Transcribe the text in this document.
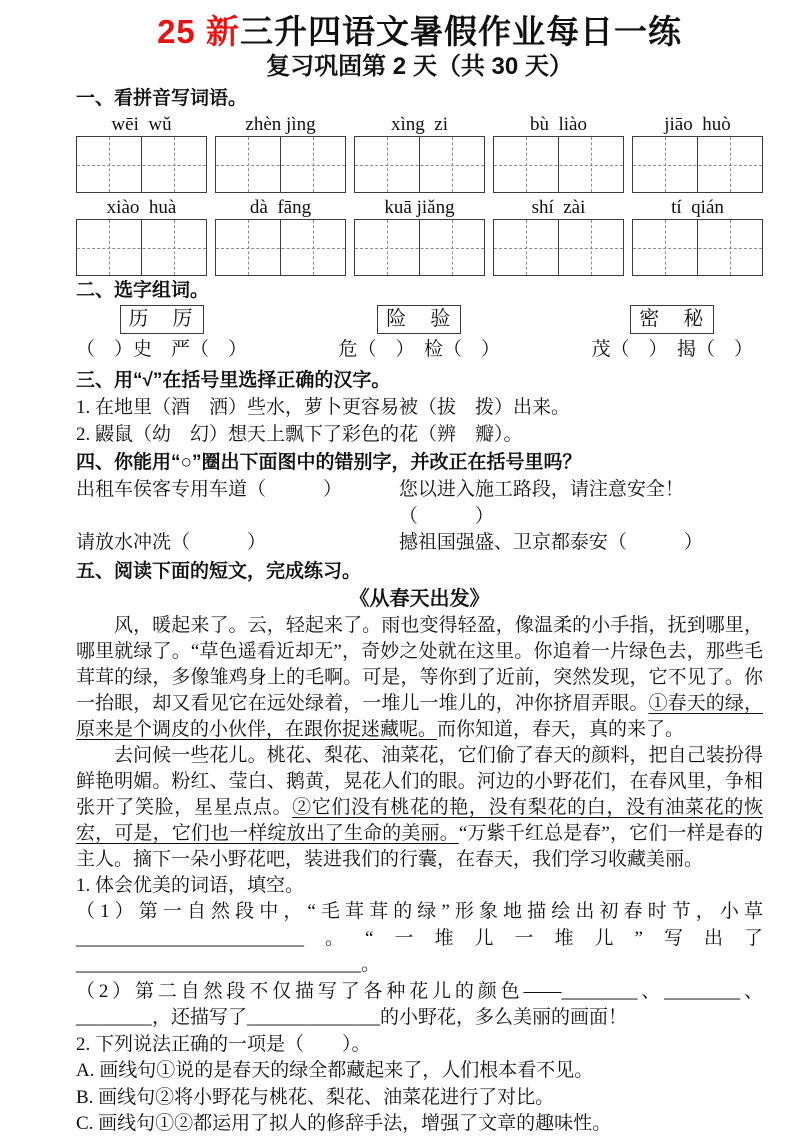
25 新三升四语文暑假作业每日一练
复习巩固第 2 天（共 30 天）
一、看拼音写词语。
wēi  wǔ	zhèn jìng	xìng  zi	bù  liào	jiāo  huò
xiào  huà	dà  fāng	kuā jiǎng	shí  zài	tí  qián
二、选字组词。
历　厉
（　）史　严（　）
险　验
危（　）　检（　）
密　秘
茂（　）　揭（　）
三、用“√”在括号里选择正确的汉字。
1. 在地里（酒　洒）些水，萝卜更容易被（拔　拨）出来。
2. 鼹鼠（幼　幻）想天上飘下了彩色的花（辨　瓣）。
四、你能用“○”圈出下面图中的错别字，并改正在括号里吗？
出租车侯客专用车道（　　　）	您以进入施工路段，请注意安全！（　　　）
请放水冲冼（　　　）	撼祖国强盛、卫京都泰安（　　　）
五、阅读下面的短文，完成练习。
《从春天出发》

风，暖起来了。云，轻起来了。雨也变得轻盈，像温柔的小手指，抚到哪里，哪里就绿了。“草色遥看近却无”，奇妙之处就在这里。你追着一片绿色去，那些毛茸茸的绿，多像雏鸡身上的毛啊。可是，等你到了近前，突然发现，它不见了。你一抬眼，却又看见它在远处绿着，一堆儿一堆儿的，冲你挤眉弄眼。①春天的绿，原来是个调皮的小伙伴，在跟你捉迷藏呢。而你知道，春天，真的来了。

去问候一些花儿。桃花、梨花、油菜花，它们偷了春天的颜料，把自己装扮得鲜艳明媚。粉红、莹白、鹅黄，晃花人们的眼。河边的小野花们，在春风里，争相张开了笑脸，星星点点。②它们没有桃花的艳，没有梨花的白，没有油菜花的恢宏，可是，它们也一样绽放出了生命的美丽。“万紫千红总是春”，它们一样是春的主人。摘下一朵小野花吧，装进我们的行囊，在春天，我们学习收藏美丽。

1. 体会优美的词语，填空。
（1）第一自然段中，“毛茸茸的绿”形象地描绘出初春时节，小草________________________。“一堆儿一堆儿”写出了______________________________。
（2）第二自然段不仅描写了各种花儿的颜色——________、________、________，还描写了______________的小野花，多么美丽的画面！
2. 下列说法正确的一项是（　　）。
A. 画线句①说的是春天的绿全都藏起来了，人们根本看不见。
B. 画线句②将小野花与桃花、梨花、油菜花进行了对比。
C. 画线句①②都运用了拟人的修辞手法，增强了文章的趣味性。
